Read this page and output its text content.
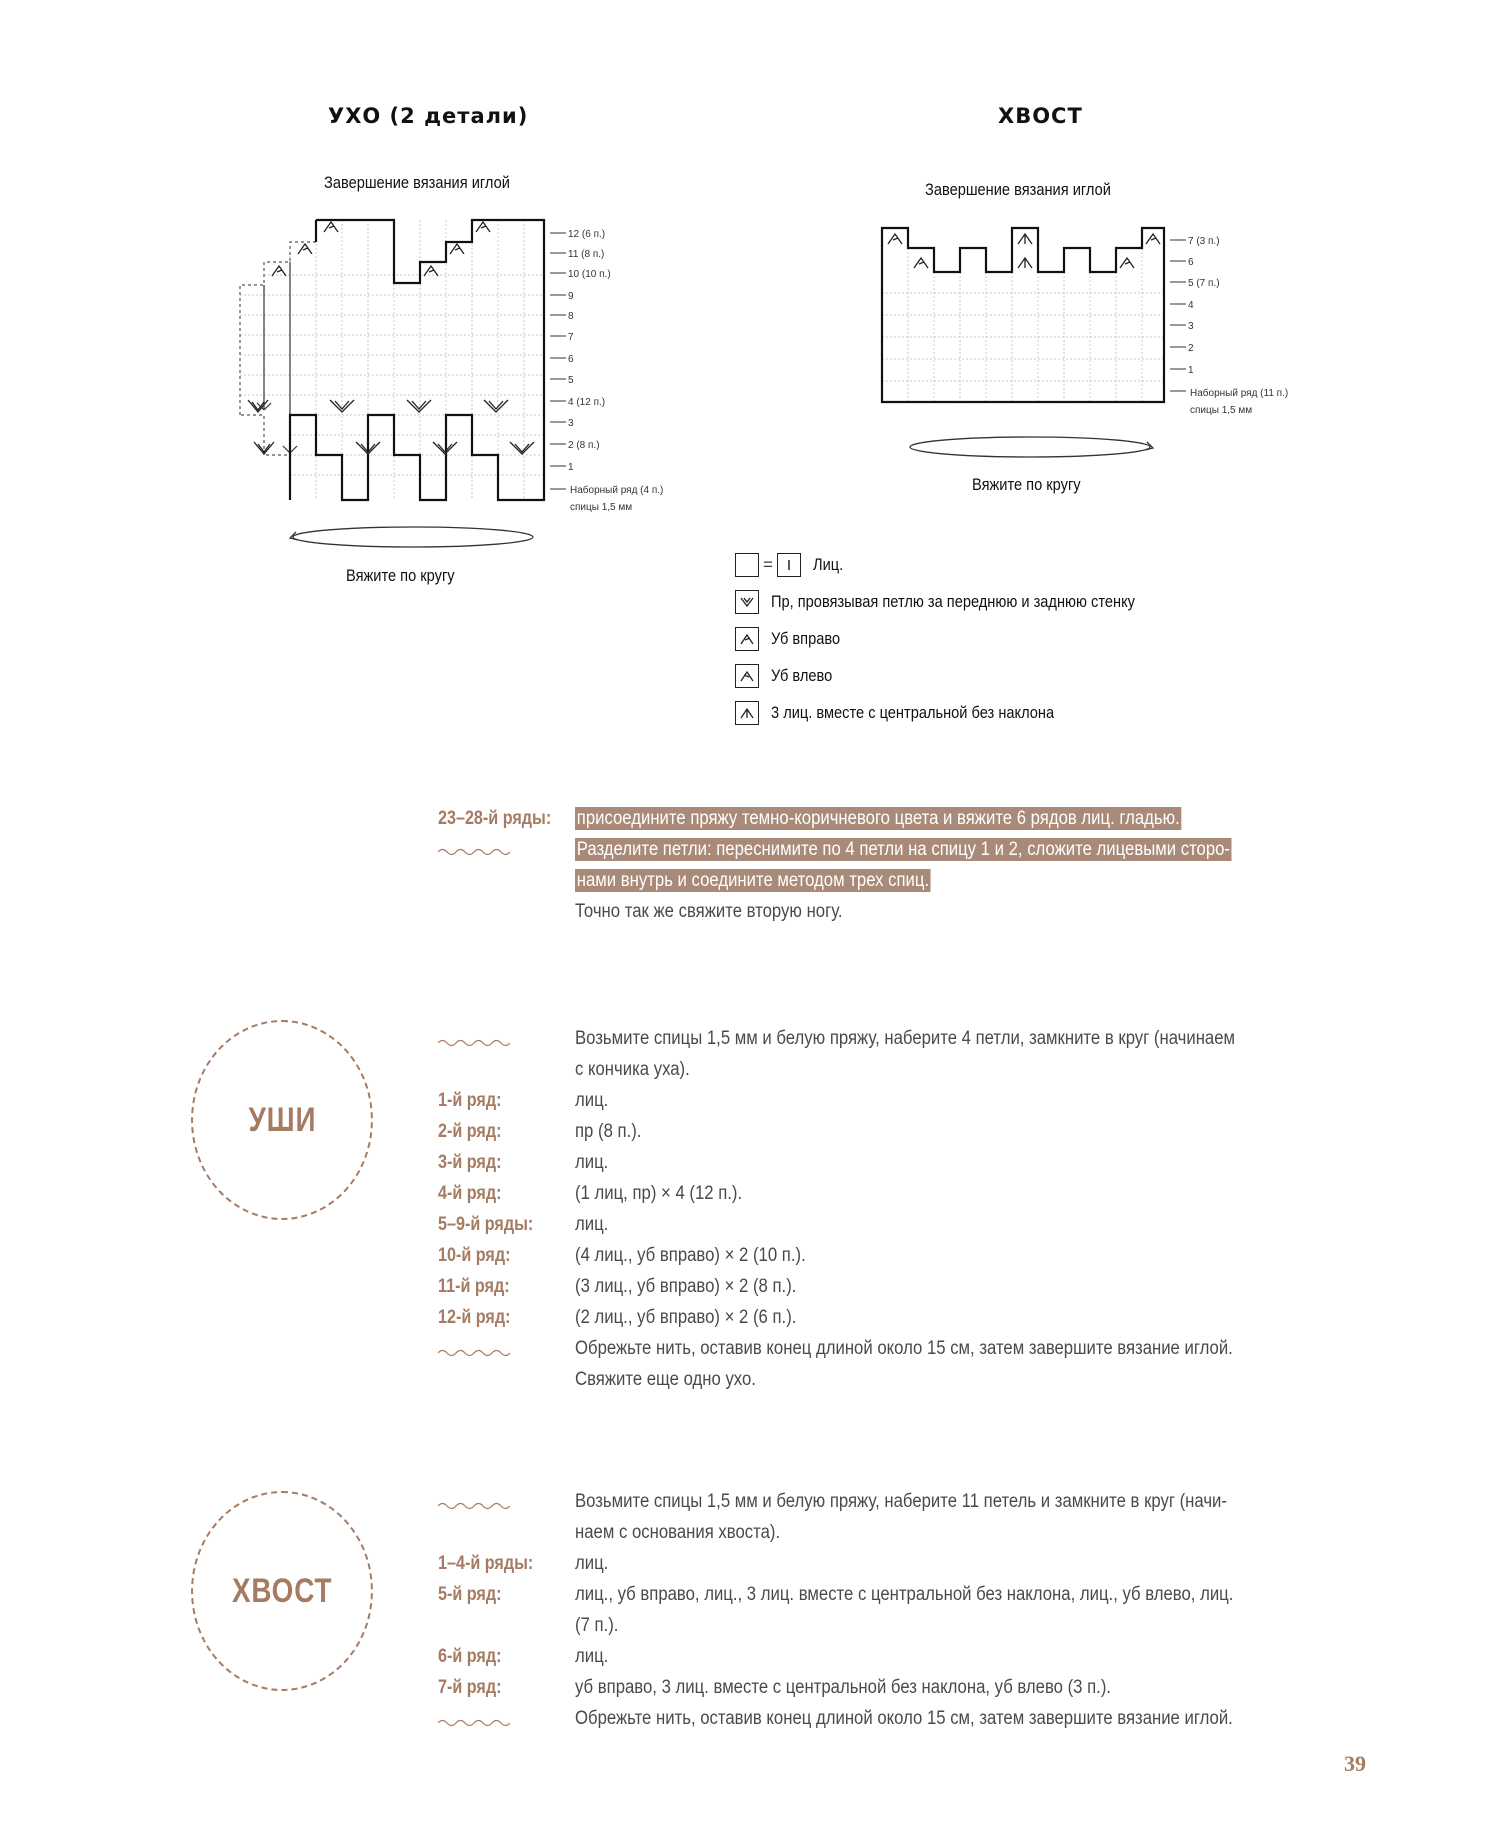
УХО (2 детали)
Завершение вязания иглой
12 (6 п.)
11 (8 п.)
10 (10 п.)
9
8
7
6
5
4 (12 п.)
3
2 (8 п.)
1
Наборный ряд (4 п.)
спицы 1,5 мм
Вяжите по кругу
ХВОСТ
Завершение вязания иглой
7 (3 п.)
6
5 (7 п.)
4
3
2
1
Наборный ряд (11 п.)
спицы 1,5 мм
Вяжите по кругу
= Лиц.
Пр, провязывая петлю за переднюю и заднюю стенку
Уб вправо
Уб влево
3 лиц. вместе с центральной без наклона
23–28-й ряды: присоедините пряжу темно-коричневого цвета и вяжите 6 рядов лиц. гладью.
Разделите петли: переснимите по 4 петли на спицу 1 и 2, сложите лицевыми сторо-
нами внутрь и соедините методом трех спиц.
Точно так же свяжите вторую ногу.
УШИ
Возьмите спицы 1,5 мм и белую пряжу, наберите 4 петли, замкните в круг (начинаем
с кончика уха).
1-й ряд:	лиц.
2-й ряд:	пр (8 п.).
3-й ряд:	лиц.
4-й ряд:	(1 лиц, пр) × 4 (12 п.).
5–9-й ряды: лиц.
10-й ряд:	(4 лиц., уб вправо) × 2 (10 п.).
11-й ряд:	(3 лиц., уб вправо) × 2 (8 п.).
12-й ряд:	(2 лиц., уб вправо) × 2 (6 п.).
Обрежьте нить, оставив конец длиной около 15 см, затем завершите вязание иглой.
Свяжите еще одно ухо.
ХВОСТ
Возьмите спицы 1,5 мм и белую пряжу, наберите 11 петель и замкните в круг (начи-
наем с основания хвоста).
1–4-й ряды: лиц.
5-й ряд:	лиц., уб вправо, лиц., 3 лиц. вместе с центральной без наклона, лиц., уб влево, лиц.
(7 п.).
6-й ряд:	лиц.
7-й ряд:	уб вправо, 3 лиц. вместе с центральной без наклона, уб влево (3 п.).
Обрежьте нить, оставив конец длиной около 15 см, затем завершите вязание иглой.
39
